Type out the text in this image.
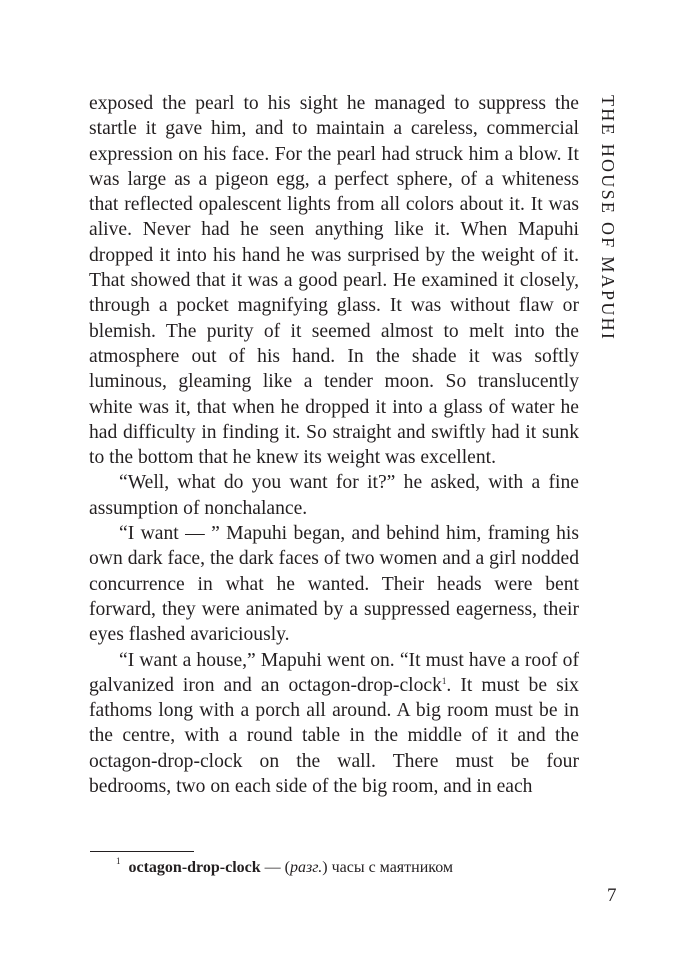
exposed the pearl to his sight he managed to suppress the startle it gave him, and to maintain a careless, commercial expression on his face. For the pearl had struck him a blow. It was large as a pigeon egg, a perfect sphere, of a whiteness that reflected opalescent lights from all colors about it. It was alive. Never had he seen anything like it. When Mapuhi dropped it into his hand he was surprised by the weight of it. That showed that it was a good pearl. He examined it closely, through a pocket magnifying glass. It was without flaw or blemish. The purity of it seemed almost to melt into the atmosphere out of his hand. In the shade it was softly luminous, gleaming like a tender moon. So translucently white was it, that when he dropped it into a glass of water he had difficulty in finding it. So straight and swiftly had it sunk to the bottom that he knew its weight was excellent.

“Well, what do you want for it?” he asked, with a fine assumption of nonchalance.

“I want — ” Mapuhi began, and behind him, framing his own dark face, the dark faces of two women and a girl nodded concurrence in what he wanted. Their heads were bent forward, they were animated by a suppressed eagerness, their eyes flashed avariciously.

“I want a house,” Mapuhi went on. “It must have a roof of galvanized iron and an octagon-drop-clock$^1$. It must be six fathoms long with a porch all around. A big room must be in the centre, with a round table in the middle of it and the octagon-drop-clock on the wall. There must be four bedrooms, two on each side of the big room, and in each

THE HOUSE OF MAPUHI
$^1$ octagon-drop-clock — (разг.) часы с маятником
7
